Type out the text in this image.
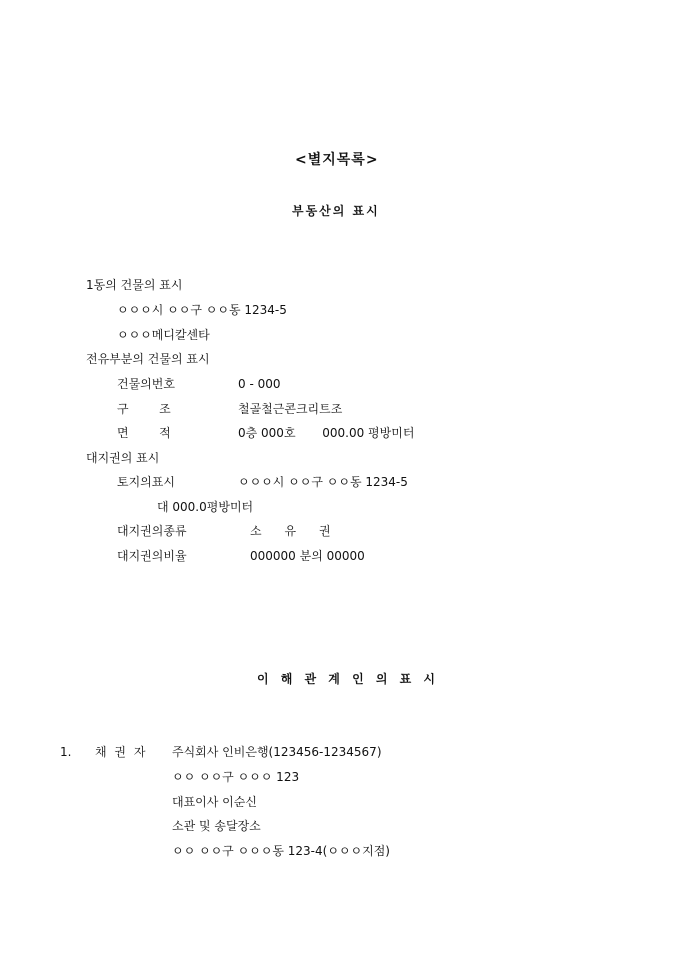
<별지목록>
부동산의 표시
1동의 건물의 표시
ㅇㅇㅇ시 ㅇㅇ구 ㅇㅇ동 1234-5
ㅇㅇㅇ메디칼센타
전유부분의 건물의 표시
건물의번호	0 - 000
구        조	철골철근콘크리트조
면        적	0층 000호       000.00 평방미터
대지권의 표시
토지의표시	ㅇㅇㅇ시 ㅇㅇ구 ㅇㅇ동 1234-5
대 000.0평방미터
대지권의종류	소      유      권
대지권의비율	000000 분의 00000
이 해 관 계 인 의 표 시
1. 채 권 자 주식회사 인비은행(123456-1234567)
ㅇㅇ ㅇㅇ구 ㅇㅇㅇ 123
대표이사 이순신
소관 및 송달장소
ㅇㅇ ㅇㅇ구 ㅇㅇㅇ동 123-4(ㅇㅇㅇ지점)
